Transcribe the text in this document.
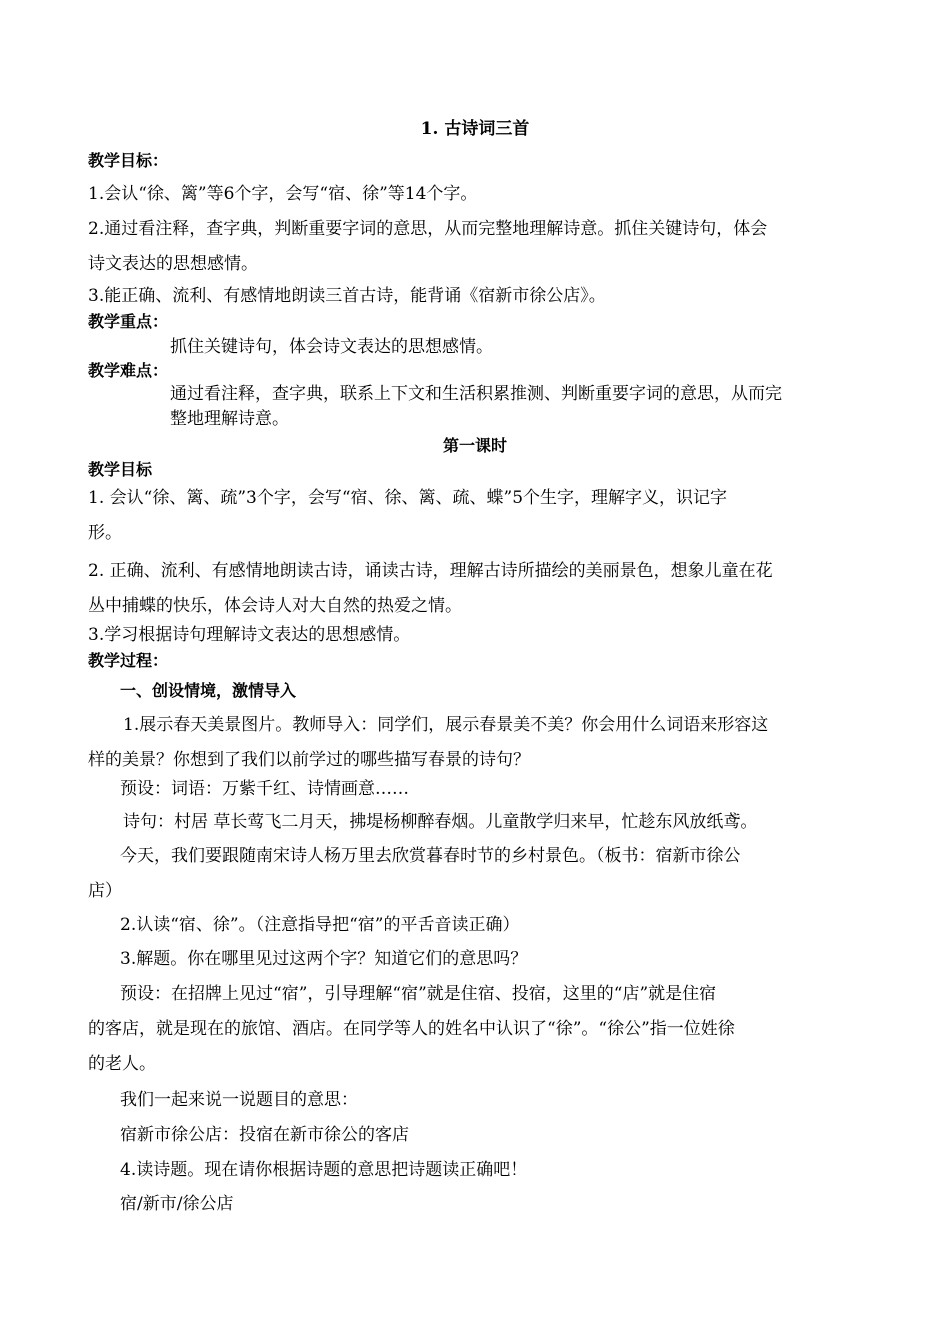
1. 古诗词三首
教学目标：
1.会认“徐、篱”等6个字，会写“宿、徐”等14个字。
2.通过看注释，查字典，判断重要字词的意思，从而完整地理解诗意。抓住关键诗句，体会
诗文表达的思想感情。
3.能正确、流利、有感情地朗读三首古诗，能背诵《宿新市徐公店》。
教学重点：
抓住关键诗句，体会诗文表达的思想感情。
教学难点：
通过看注释，查字典，联系上下文和生活积累推测、判断重要字词的意思，从而完
整地理解诗意。
第一课时
教学目标
1. 会认“徐、篱、疏”3个字，会写“宿、徐、篱、疏、蝶”5个生字，理解字义，识记字
形。
2. 正确、流利、有感情地朗读古诗，诵读古诗，理解古诗所描绘的美丽景色，想象儿童在花
丛中捕蝶的快乐，体会诗人对大自然的热爱之情。
3.学习根据诗句理解诗文表达的思想感情。
教学过程：
一、创设情境，激情导入
1.展示春天美景图片。教师导入：同学们，展示春景美不美？你会用什么词语来形容这
样的美景？你想到了我们以前学过的哪些描写春景的诗句？
预设：词语：万紫千红、诗情画意……
诗句：村居 草长莺飞二月天，拂堤杨柳醉春烟。儿童散学归来早，忙趁东风放纸鸢。
今天，我们要跟随南宋诗人杨万里去欣赏暮春时节的乡村景色。（板书：宿新市徐公
店）
2.认读“宿、徐”。（注意指导把“宿”的平舌音读正确）
3.解题。你在哪里见过这两个字？知道它们的意思吗？
预设：在招牌上见过“宿”，引导理解“宿”就是住宿、投宿，这里的“店”就是住宿
的客店，就是现在的旅馆、酒店。在同学等人的姓名中认识了“徐”。“徐公”指一位姓徐
的老人。
我们一起来说一说题目的意思：
宿新市徐公店：投宿在新市徐公的客店
4.读诗题。现在请你根据诗题的意思把诗题读正确吧！
宿/新市/徐公店
